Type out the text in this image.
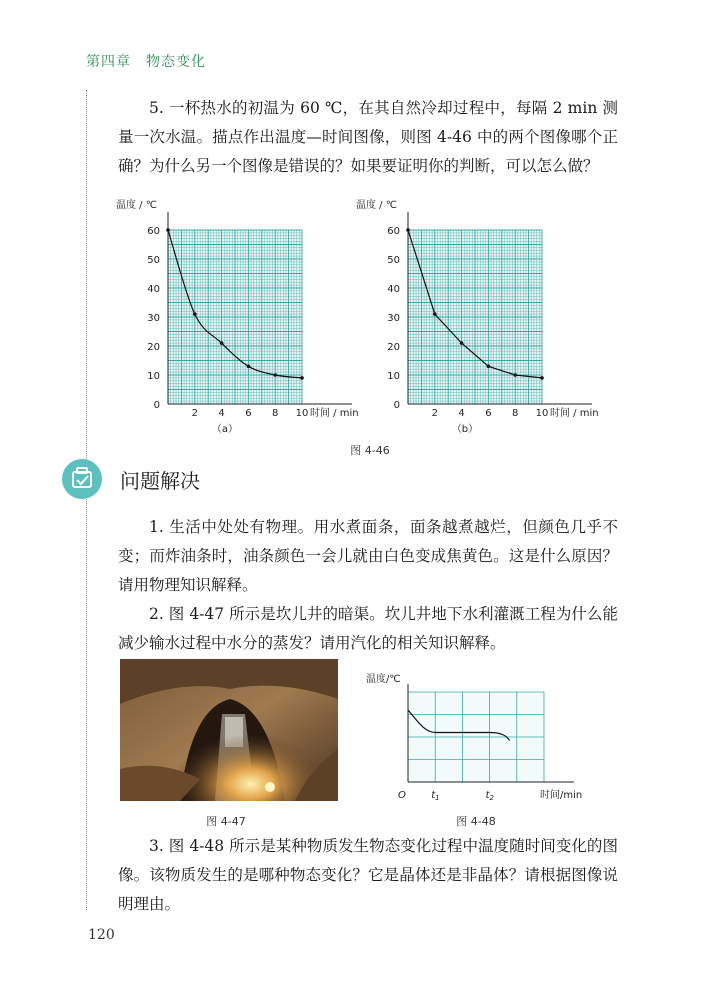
第四章　物态变化

5. 一杯热水的初温为 60 ℃，在其自然冷却过程中，每隔 2 min 测量一次水温。描点作出温度—时间图像，则图 4-46 中的两个图像哪个正确？为什么另一个图像是错误的？如果要证明你的判断，可以怎么做？

温度 / ℃
时间 / min
0
10
20
30
40
50
60
2 4 6 8 10
（a）
温度 / ℃
时间 / min
0
10
20
30
40
50
60
2 4 6 8 10
（b）
图 4-46
问题解决

1. 生活中处处有物理。用水煮面条，面条越煮越烂，但颜色几乎不变；而炸油条时，油条颜色一会儿就由白色变成焦黄色。这是什么原因？请用物理知识解释。

2. 图 4-47 所示是坎儿井的暗渠。坎儿井地下水利灌溉工程为什么能减少输水过程中水分的蒸发？请用汽化的相关知识解释。

温度/℃
时间/min
O	$t_1$	$t_2$
图 4-47	图 4-48

3. 图 4-48 所示是某种物质发生物态变化过程中温度随时间变化的图像。该物质发生的是哪种物态变化？它是晶体还是非晶体？请根据图像说明理由。

120
